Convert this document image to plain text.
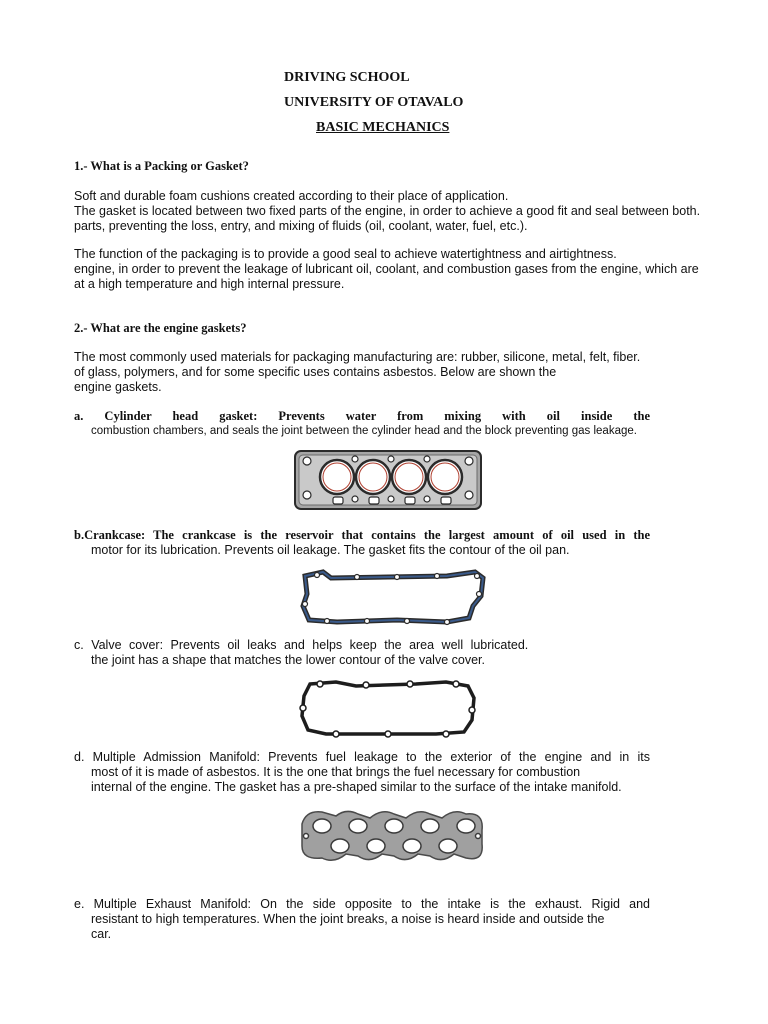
DRIVING SCHOOL
UNIVERSITY OF OTAVALO
BASIC MECHANICS
1.- What is a Packing or Gasket?
Soft and durable foam cushions created according to their place of application.
The gasket is located between two fixed parts of the engine, in order to achieve a good fit and seal between both.
parts, preventing the loss, entry, and mixing of fluids (oil, coolant, water, fuel, etc.).
The function of the packaging is to provide a good seal to achieve watertightness and airtightness.
engine, in order to prevent the leakage of lubricant oil, coolant, and combustion gases from the engine, which are
at a high temperature and high internal pressure.
2.- What are the engine gaskets?
The most commonly used materials for packaging manufacturing are: rubber, silicone, metal, felt, fiber.
of glass, polymers, and for some specific uses contains asbestos. Below are shown the
engine gaskets.
a. Cylinder head gasket: Prevents water from mixing with oil inside the
combustion chambers, and seals the joint between the cylinder head and the block preventing gas leakage.
b.Crankcase: The crankcase is the reservoir that contains the largest amount of oil used in the
motor for its lubrication. Prevents oil leakage. The gasket fits the contour of the oil pan.
c. Valve cover: Prevents oil leaks and helps keep the area well lubricated.
the joint has a shape that matches the lower contour of the valve cover.
d. Multiple Admission Manifold: Prevents fuel leakage to the exterior of the engine and in its
most of it is made of asbestos. It is the one that brings the fuel necessary for combustion
internal of the engine. The gasket has a pre-shaped similar to the surface of the intake manifold.
e. Multiple Exhaust Manifold: On the side opposite to the intake is the exhaust. Rigid and
resistant to high temperatures. When the joint breaks, a noise is heard inside and outside the
car.
